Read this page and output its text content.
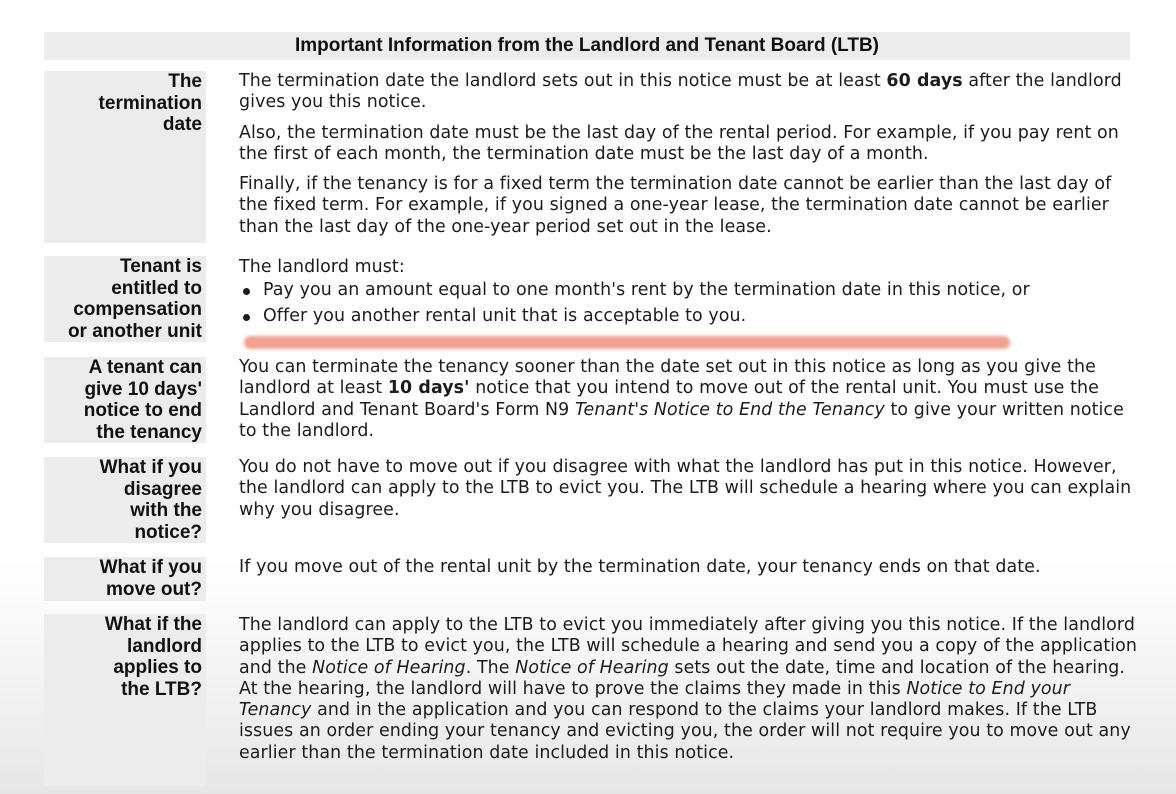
Important Information from the Landlord and Tenant Board (LTB)
The
termination
date

The termination date the landlord sets out in this notice must be at least 60 days after the landlord gives you this notice.

Also, the termination date must be the last day of the rental period. For example, if you pay rent on the first of each month, the termination date must be the last day of a month.

Finally, if the tenancy is for a fixed term the termination date cannot be earlier than the last day of the fixed term. For example, if you signed a one-year lease, the termination date cannot be earlier than the last day of the one-year period set out in the lease.

Tenant is
entitled to
compensation
or another unit

The landlord must:

Pay you an amount equal to one month's rent by the termination date in this notice, or
Offer you another rental unit that is acceptable to you.
A tenant can
give 10 days'
notice to end
the tenancy

You can terminate the tenancy sooner than the date set out in this notice as long as you give the landlord at least 10 days' notice that you intend to move out of the rental unit. You must use the Landlord and Tenant Board's Form N9 Tenant's Notice to End the Tenancy to give your written notice to the landlord.

What if you
disagree
with the
notice?

You do not have to move out if you disagree with what the landlord has put in this notice. However, the landlord can apply to the LTB to evict you. The LTB will schedule a hearing where you can explain why you disagree.

What if you
move out?

If you move out of the rental unit by the termination date, your tenancy ends on that date.

What if the
landlord
applies to
the LTB?

The landlord can apply to the LTB to evict you immediately after giving you this notice. If the landlord applies to the LTB to evict you, the LTB will schedule a hearing and send you a copy of the application and the Notice of Hearing. The Notice of Hearing sets out the date, time and location of the hearing. At the hearing, the landlord will have to prove the claims they made in this Notice to End your Tenancy and in the application and you can respond to the claims your landlord makes. If the LTB issues an order ending your tenancy and evicting you, the order will not require you to move out any earlier than the termination date included in this notice.
